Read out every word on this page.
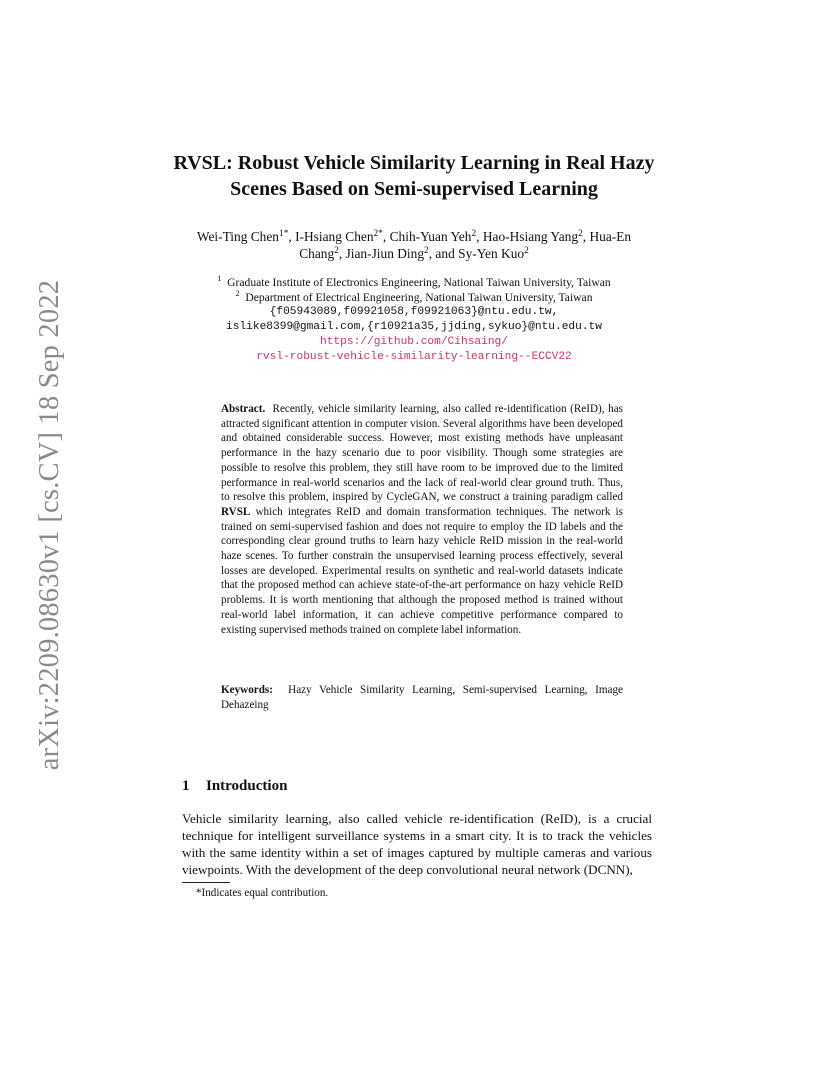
arXiv:2209.08630v1 [cs.CV] 18 Sep 2022
RVSL: Robust Vehicle Similarity Learning in Real Hazy
Scenes Based on Semi-supervised Learning
Wei-Ting Chen$^{1*}$, I-Hsiang Chen$^{2*}$, Chih-Yuan Yeh$^2$, Hao-Hsiang Yang$^2$, Hua-En
Chang$^2$, Jian-Jiun Ding$^2$, and Sy-Yen Kuo$^2$
$^1$ Graduate Institute of Electronics Engineering, National Taiwan University, Taiwan
$^2$ Department of Electrical Engineering, National Taiwan University, Taiwan
{f05943089,f09921058,f09921063}@ntu.edu.tw,
islike8399@gmail.com,{r10921a35,jjding,sykuo}@ntu.edu.tw
https://github.com/Cihsaing/
rvsl-robust-vehicle-similarity-learning--ECCV22

Abstract. Recently, vehicle similarity learning, also called re-identification (ReID), has attracted significant attention in computer vision. Several algorithms have been developed and obtained considerable success. However, most existing methods have unpleasant performance in the hazy scenario due to poor visibility. Though some strategies are possible to resolve this problem, they still have room to be improved due to the limited performance in real-world scenarios and the lack of real-world clear ground truth. Thus, to resolve this problem, inspired by CycleGAN, we construct a training paradigm called RVSL which integrates ReID and domain transformation techniques. The network is trained on semi-supervised fashion and does not require to employ the ID labels and the corresponding clear ground truths to learn hazy vehicle ReID mission in the real-world haze scenes. To further constrain the unsupervised learning process effectively, several losses are developed. Experimental results on synthetic and real-world datasets indicate that the proposed method can achieve state-of-the-art performance on hazy vehicle ReID problems. It is worth mentioning that although the proposed method is trained without real-world label information, it can achieve competitive performance compared to existing supervised methods trained on complete label information.

Keywords: Hazy Vehicle Similarity Learning, Semi-supervised Learning, Image Dehazeing

1 Introduction

Vehicle similarity learning, also called vehicle re-identification (ReID), is a crucial technique for intelligent surveillance systems in a smart city. It is to track the vehicles with the same identity within a set of images captured by multiple cameras and various viewpoints. With the development of the deep convolutional neural network (DCNN),

*Indicates equal contribution.
